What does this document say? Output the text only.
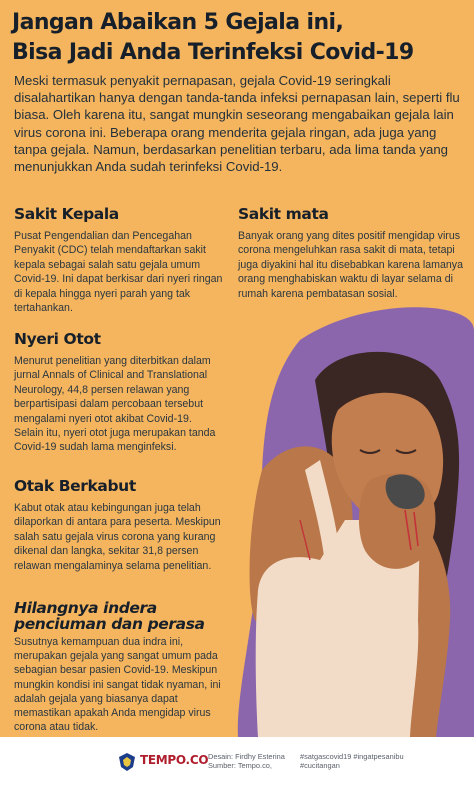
Jangan Abaikan 5 Gejala ini,
Bisa Jadi Anda Terinfeksi Covid-19
Meski termasuk penyakit pernapasan, gejala Covid-19 seringkali disalahartikan hanya dengan tanda-tanda infeksi pernapasan lain, seperti flu biasa. Oleh karena itu, sangat mungkin seseorang mengabaikan gejala lain virus corona ini. Beberapa orang menderita gejala ringan, ada juga yang tanpa gejala. Namun, berdasarkan penelitian terbaru, ada lima tanda yang menunjukkan Anda sudah terinfeksi Covid-19.
Sakit Kepala
Pusat Pengendalian dan Pencegahan Penyakit (CDC) telah mendaftarkan sakit kepala sebagai salah satu gejala umum Covid-19. Ini dapat berkisar dari nyeri ringan di kepala hingga nyeri parah yang tak tertahankan.
Sakit mata
Banyak orang yang dites positif mengidap virus corona mengeluhkan rasa sakit di mata, tetapi juga diyakini hal itu disebabkan karena lamanya orang menghabiskan waktu di layar selama di rumah karena pembatasan sosial.
Nyeri Otot
Menurut penelitian yang diterbitkan dalam jurnal Annals of Clinical and Translational Neurology, 44,8 persen relawan yang berpartisipasi dalam percobaan tersebut mengalami nyeri otot akibat Covid-19. Selain itu, nyeri otot juga merupakan tanda Covid-19 sudah lama menginfeksi.
Otak Berkabut
Kabut otak atau kebingungan juga telah dilaporkan di antara para peserta. Meskipun salah satu gejala virus corona yang kurang dikenal dan langka, sekitar 31,8 persen relawan mengalaminya selama penelitian.
Hilangnya indera
penciuman dan perasa
Susutnya kemampuan dua indra ini, merupakan gejala yang sangat umum pada sebagian besar pasien Covid-19. Meskipun mungkin kondisi ini sangat tidak nyaman, ini adalah gejala yang biasanya dapat memastikan apakah Anda mengidap virus corona atau tidak.
TEMPO.CO Desain: Firdhy Esterina
Sumber: Tempo.co,
#satgascovid19 #ingatpesanibu
#cucitangan
